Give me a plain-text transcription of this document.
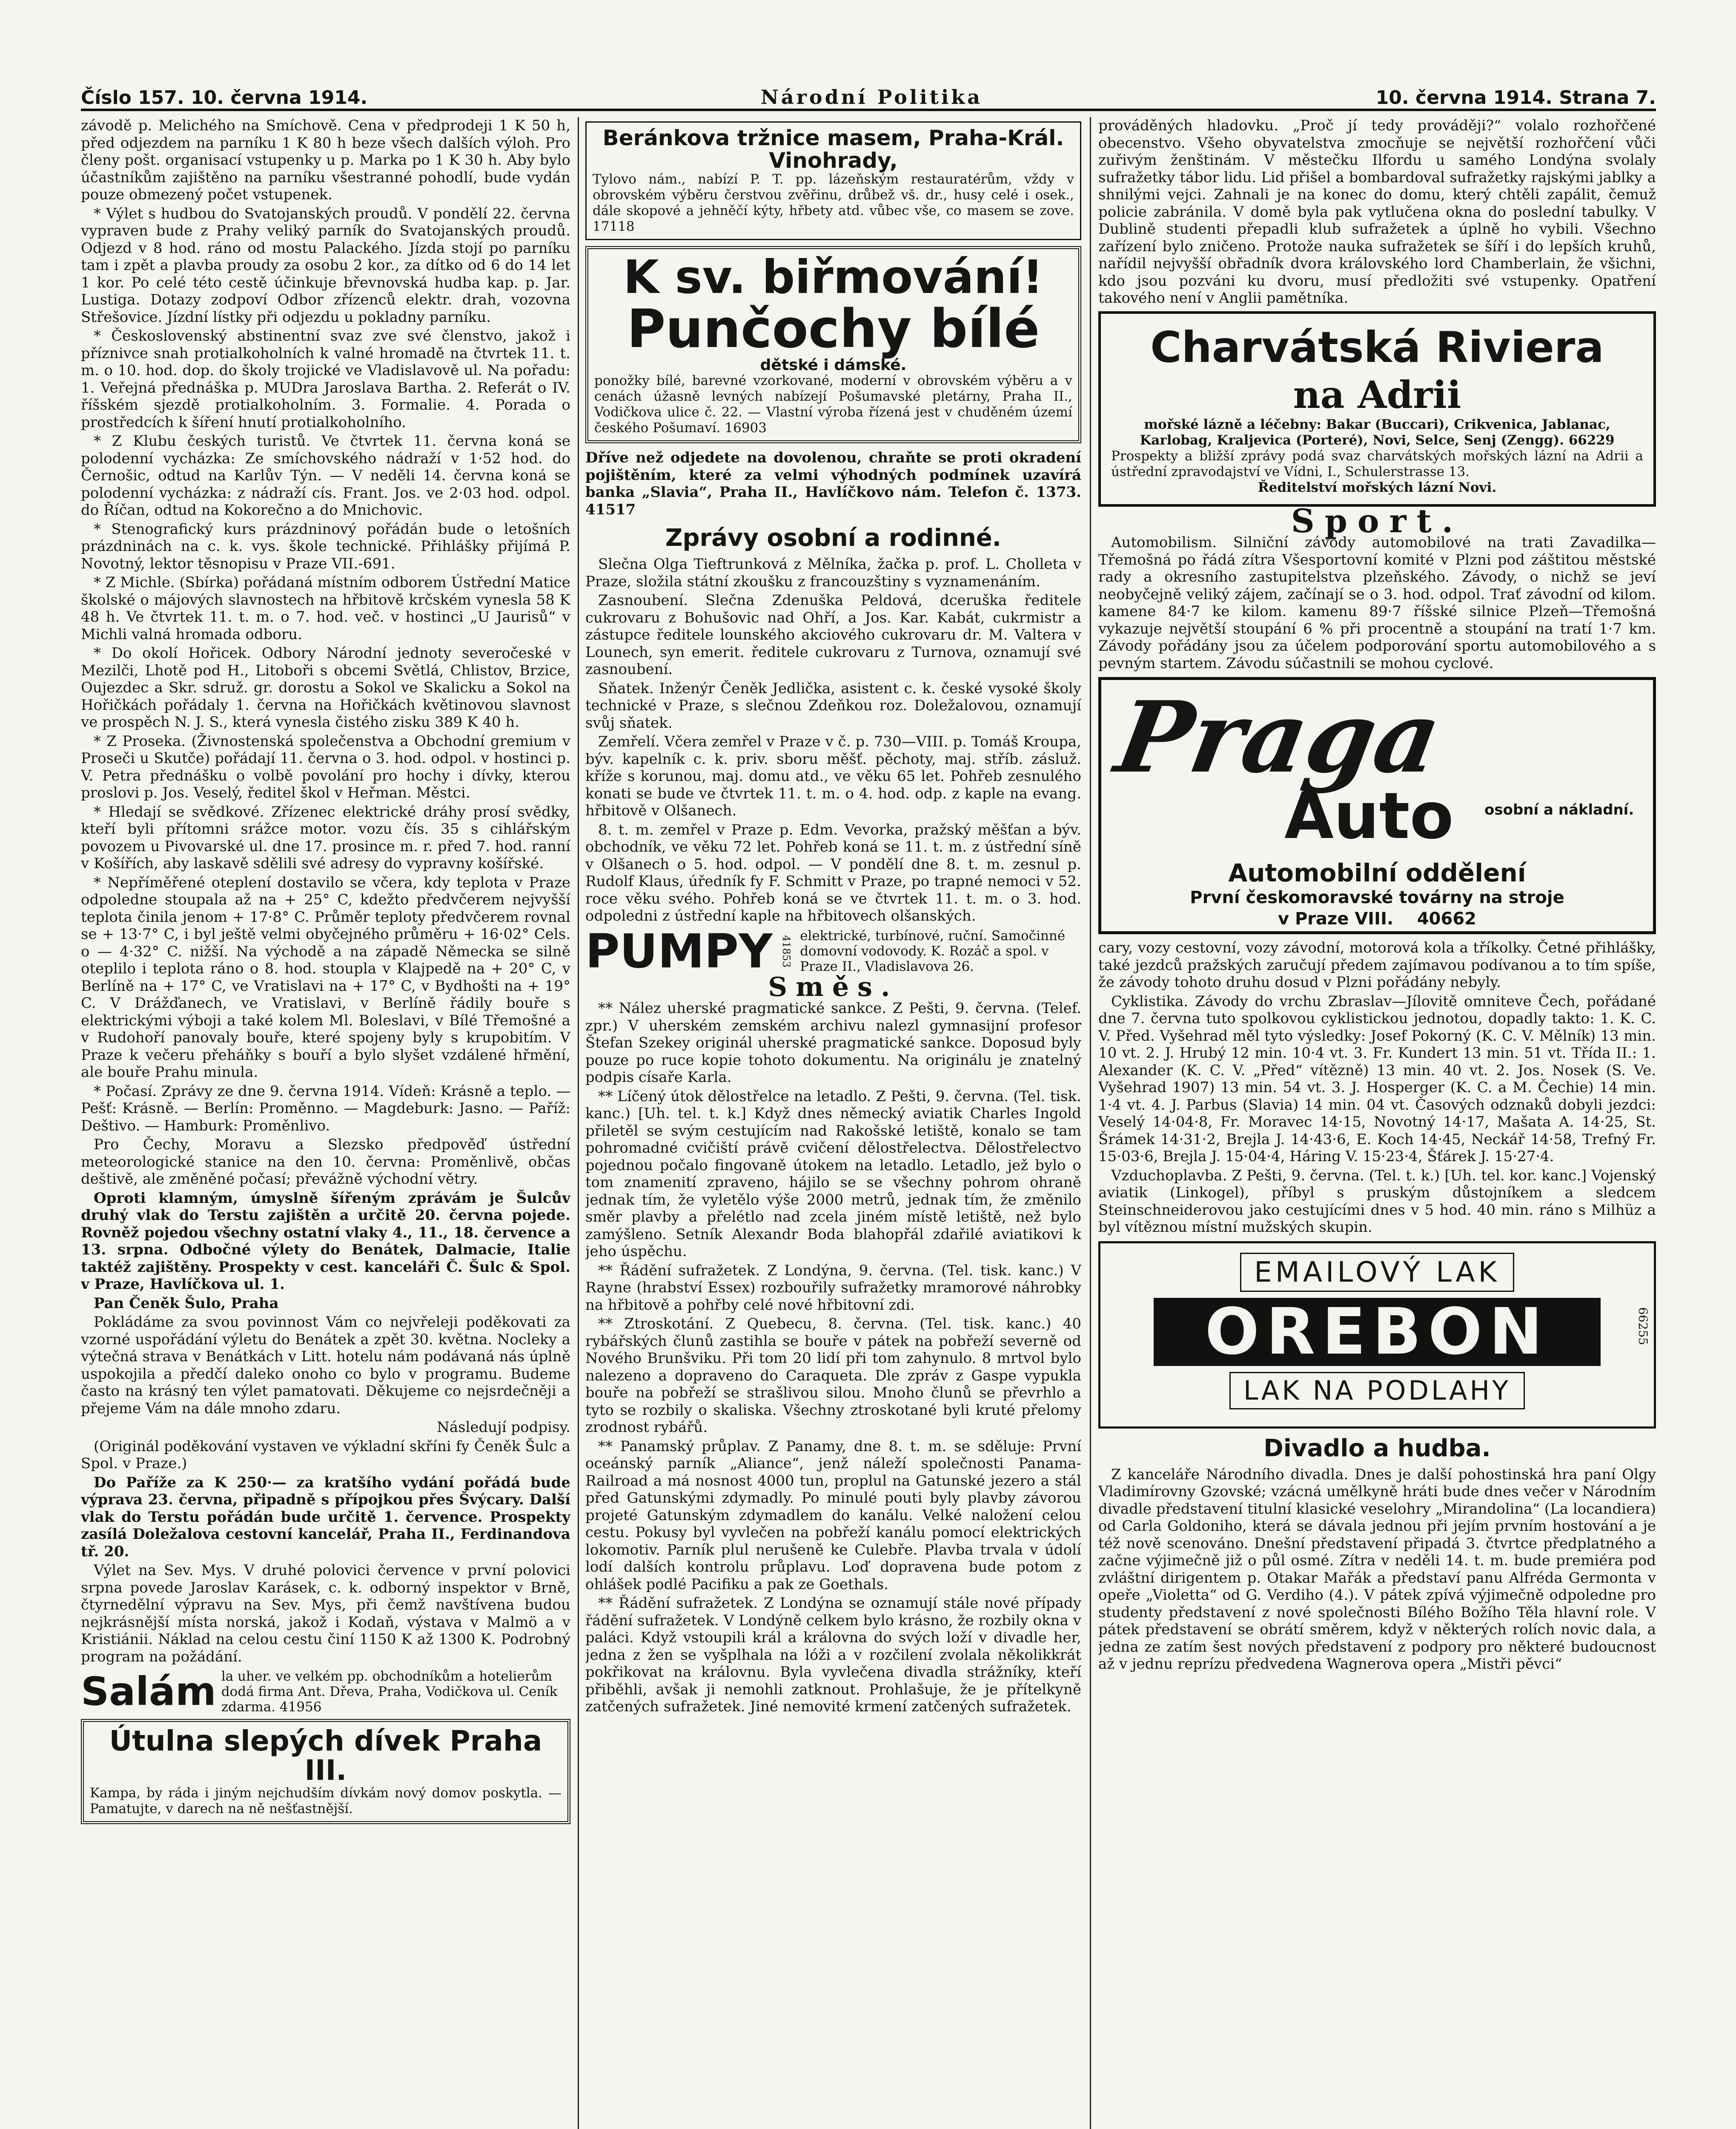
Číslo 157. 10. června 1914.	Národní Politika	10. června 1914. Strana 7.

závodě p. Melichého na Smíchově. Cena v předprodeji 1 K 50 h, před odjezdem na parníku 1 K 80 h beze všech dalších výloh. Pro členy pošt. organisací vstupenky u p. Marka po 1 K 30 h. Aby bylo účastníkům zajištěno na parníku všestranné pohodlí, bude vydán pouze obmezený počet vstupenek.

* Výlet s hudbou do Svatojanských proudů. V pondělí 22. června vypraven bude z Prahy veliký parník do Svatojanských proudů. Odjezd v 8 hod. ráno od mostu Palackého. Jízda stojí po parníku tam i zpět a plavba proudy za osobu 2 kor., za dítko od 6 do 14 let 1 kor. Po celé této cestě účinkuje břevnovská hudba kap. p. Jar. Lustiga. Dotazy zodpoví Odbor zřízenců elektr. drah, vozovna Střešovice. Jízdní lístky při odjezdu u pokladny parníku.

* Československý abstinentní svaz zve své členstvo, jakož i příznivce snah protialkoholních k valné hromadě na čtvrtek 11. t. m. o 10. hod. dop. do školy trojické ve Vladislavově ul. Na pořadu: 1. Veřejná přednáška p. MUDra Jaroslava Bartha. 2. Referát o IV. říšském sjezdě protialkoholním. 3. Formalie. 4. Porada o prostředcích k šíření hnutí protialkoholního.

* Z Klubu českých turistů. Ve čtvrtek 11. června koná se polodenní vycházka: Ze smíchovského nádraží v 1·52 hod. do Černošic, odtud na Karlův Týn. — V neděli 14. června koná se polodenní vycházka: z nádraží cís. Frant. Jos. ve 2·03 hod. odpol. do Říčan, odtud na Kokorečno a do Mnichovic.

* Stenografický kurs prázdninový pořádán bude o letošních prázdninách na c. k. vys. škole technické. Přihlášky přijímá P. Novotný, lektor těsnopisu v Praze VII.-691.

* Z Michle. (Sbírka) pořádaná místním odborem Ústřední Matice školské o májových slavnostech na hřbitově krčském vynesla 58 K 48 h. Ve čtvrtek 11. t. m. o 7. hod. več. v hostinci „U Jaurisů“ v Michli valná hromada odboru.

* Do okolí Hořicek. Odbory Národní jednoty severočeské v Mezilči, Lhotě pod H., Litoboři s obcemi Světlá, Chlistov, Brzice, Oujezdec a Skr. sdruž. gr. dorostu a Sokol ve Skalicku a Sokol na Hořičkách pořádaly 1. června na Hořičkách květinovou slavnost ve prospěch N. J. S., která vynesla čistého zisku 389 K 40 h.

* Z Proseka. (Živnostenská společenstva a Obchodní gremium v Proseči u Skutče) pořádají 11. června o 3. hod. odpol. v hostinci p. V. Petra přednášku o volbě povolání pro hochy i dívky, kterou proslovi p. Jos. Veselý, ředitel škol v Heřman. Městci.

* Hledají se svědkové. Zřízenec elektrické dráhy prosí svědky, kteří byli přítomni srážce motor. vozu čís. 35 s cihlářským povozem u Pivovarské ul. dne 17. prosince m. r. před 7. hod. ranní v Košířích, aby laskavě sdělili své adresy do vypravny košířské.

* Nepříměřené oteplení dostavilo se včera, kdy teplota v Praze odpoledne stoupala až na + 25° C, kdežto předvčerem nejvyšší teplota činila jenom + 17·8° C. Průměr teploty předvčerem rovnal se + 13·7° C, i byl ještě velmi obyčejného průměru + 16·02° Cels. o — 4·32° C. nižší. Na východě a na západě Německa se silně oteplilo i teplota ráno o 8. hod. stoupla v Klajpedě na + 20° C, v Berlíně na + 17° C, ve Vratislavi na + 17° C, v Bydhošti na + 19° C. V Drážďanech, ve Vratislavi, v Berlíně řádily bouře s elektrickými výboji a také kolem Ml. Boleslavi, v Bílé Třemošné a v Rudohoří panovaly bouře, které spojeny byly s krupobitím. V Praze k večeru přeháňky s bouří a bylo slyšet vzdálené hřmění, ale bouře Prahu minula.

* Počasí. Zprávy ze dne 9. června 1914. Vídeň: Krásně a teplo. — Pešť: Krásně. — Berlín: Proměnno. — Magdeburk: Jasno. — Paříž: Deštivo. — Hamburk: Proměnlivo.

Pro Čechy, Moravu a Slezsko předpověď ústřední meteorologické stanice na den 10. června: Proměnlivě, občas deštivě, ale změněné počasí; převážně východní větry.

Oproti klamným, úmyslně šířeným zprávám je Šulcův druhý vlak do Terstu zajištěn a určitě 20. června pojede. Rovněž pojedou všechny ostatní vlaky 4., 11., 18. července a 13. srpna. Odbočné výlety do Benátek, Dalmacie, Italie taktéž zajištěny. Prospekty v cest. kanceláři Č. Šulc & Spol. v Praze, Havlíčkova ul. 1.

Pan Čeněk Šulo, Praha

Pokládáme za svou povinnost Vám co nejvřeleji poděkovati za vzorné uspořádání výletu do Benátek a zpět 30. května. Nocleky a výtečná strava v Benátkách v Litt. hotelu nám podávaná nás úplně uspokojila a předčí daleko onoho co bylo v programu. Budeme často na krásný ten výlet pamatovati. Děkujeme co nejsrdečněji a přejeme Vám na dále mnoho zdaru.

Následují podpisy.

(Originál poděkování vystaven ve výkladní skříni fy Čeněk Šulc a Spol. v Praze.)

Do Paříže za K 250·— za kratšího vydání pořádá bude výprava 23. června, připadně s přípojkou přes Švýcary. Další vlak do Terstu pořádán bude určitě 1. července. Prospekty zasílá Doležalova cestovní kancelář, Praha II., Ferdinandova tř. 20.

Výlet na Sev. Mys. V druhé polovici července v první polovici srpna povede Jaroslav Karásek, c. k. odborný inspektor v Brně, čtyrnedělní výpravu na Sev. Mys, při čemž navštívena budou nejkrásnější místa norská, jakož i Kodaň, výstava v Malmö a v Kristiánii. Náklad na celou cestu činí 1150 K až 1300 K. Podrobný program na požádání.

Salám la uher. ve velkém pp. obchodníkům a hotelierům dodá firma Ant. Dřeva, Praha, Vodičkova ul. Ceník zdarma. 41956
Útulna slepých dívek Praha III.
Kampa, by ráda i jiným nejchudším dívkám nový domov poskytla. — Pamatujte, v darech na ně nešťastnější.
Beránkova tržnice masem, Praha-Král. Vinohrady,
Tylovo nám., nabízí P. T. pp. lázeňským restauratérům, vždy v obrovském výběru čerstvou zvěřinu, drůbež vš. dr., husy celé i osek., dále skopové a jehněčí kýty, hřbety atd. vůbec vše, co masem se zove. 17118
K sv. biřmování!
Punčochy bílé
dětské i dámské.
ponožky bílé, barevné vzorkované, moderní v obrovském výběru a v cenách úžasně levných nabízejí Pošumavské pletárny, Praha II., Vodičkova ulice č. 22. — Vlastní výroba řízená jest v chuděném území českého Pošumaví. 16903

Dříve než odjedete na dovolenou, chraňte se proti okradení pojištěním, které za velmi výhodných podmínek uzavírá banka „Slavia“, Praha II., Havlíčkovo nám. Telefon č. 1373. 41517

Zprávy osobní a rodinné.

Slečna Olga Tieftrunková z Mělníka, žačka p. prof. L. Cholleta v Praze, složila státní zkoušku z francouzštiny s vyznamenáním.

Zasnoubení. Slečna Zdenuška Peldová, dceruška ředitele cukrovaru z Bohušovic nad Ohří, a Jos. Kar. Kabát, cukrmistr a zástupce ředitele lounského akciového cukrovaru dr. M. Valtera v Lounech, syn emerit. ředitele cukrovaru z Turnova, oznamují své zasnoubení.

Sňatek. Inženýr Čeněk Jedlička, asistent c. k. české vysoké školy technické v Praze, s slečnou Zdeňkou roz. Doležalovou, oznamují svůj sňatek.

Zemřelí. Včera zemřel v Praze v č. p. 730—VIII. p. Tomáš Kroupa, býv. kapelník c. k. priv. sboru měšť. pěchoty, maj. stříb. zásluž. kříže s korunou, maj. domu atd., ve věku 65 let. Pohřeb zesnulého konati se bude ve čtvrtek 11. t. m. o 4. hod. odp. z kaple na evang. hřbitově v Olšanech.

8. t. m. zemřel v Praze p. Edm. Vevorka, pražský měšťan a býv. obchodník, ve věku 72 let. Pohřeb koná se 11. t. m. z ústřední síně v Olšanech o 5. hod. odpol. — V pondělí dne 8. t. m. zesnul p. Rudolf Klaus, úředník fy F. Schmitt v Praze, po trapné nemoci v 52. roce věku svého. Pohřeb koná se ve čtvrtek 11. t. m. o 3. hod. odpoledni z ústřední kaple na hřbitovech olšanských.

PUMPY 41853 elektrické, turbínové, ruční. Samočinné domovní vodovody. K. Rozáč a spol. v Praze II., Vladislavova 26.
Směs.

** Nález uherské pragmatické sankce. Z Pešti, 9. června. (Telef. zpr.) V uherském zemském archivu nalezl gymnasijní profesor Štefan Szekey originál uherské pragmatické sankce. Doposud byly pouze po ruce kopie tohoto dokumentu. Na originálu je znatelný podpis císaře Karla.

** Líčený útok dělostřelce na letadlo. Z Pešti, 9. června. (Tel. tisk. kanc.) [Uh. tel. t. k.] Když dnes německý aviatik Charles Ingold přiletěl se svým cestujícím nad Rakošské letiště, konalo se tam pohromadné cvičiští právě cvičení dělostřelectva. Dělostřelectvo pojednou počalo fingovaně útokem na letadlo. Letadlo, jež bylo o tom znamenití zpraveno, hájilo se se všechny pohrom ohraně jednak tím, že vyletělo výše 2000 metrů, jednak tím, že změnilo směr plavby a přelétlo nad zcela jiném místě letiště, než bylo zamýšleno. Setník Alexandr Boda blahopřál zdařilé aviatikovi k jeho úspěchu.

** Řádění sufražetek. Z Londýna, 9. června. (Tel. tisk. kanc.) V Rayne (hrabství Essex) rozbouřily sufražetky mramorové náhrobky na hřbitově a pohřby celé nové hřbitovní zdi.

** Ztroskotání. Z Quebecu, 8. června. (Tel. tisk. kanc.) 40 rybářských člunů zastihla se bouře v pátek na pobřeží severně od Nového Brunšviku. Při tom 20 lidí při tom zahynulo. 8 mrtvol bylo nalezeno a dopraveno do Caraqueta. Dle zpráv z Gaspe vypukla bouře na pobřeží se strašlivou silou. Mnoho člunů se převrhlo a tyto se rozbily o skaliska. Všechny ztroskotané byli kruté přelomy zrodnost rybářů.

** Panamský průplav. Z Panamy, dne 8. t. m. se sděluje: První oceánský parník „Aliance“, jenž náleží společnosti Panama-Railroad a má nosnost 4000 tun, proplul na Gatunské jezero a stál před Gatunskými zdymadly. Po minulé pouti byly plavby závorou projeté Gatunským zdymadlem do kanálu. Velké naložení celou cestu. Pokusy byl vyvlečen na pobřeží kanálu pomocí elektrických lokomotiv. Parník plul nerušeně ke Culebře. Plavba trvala v údolí lodí dalších kontrolu průplavu. Loď dopravena bude potom z ohlášek podlé Pacifiku a pak ze Goethals.

** Řádění sufražetek. Z Londýna se oznamují stále nové případy řádění sufražetek. V Londýně celkem bylo krásno, že rozbily okna v paláci. Když vstoupili král a královna do svých loží v divadle her, jedna z žen se vyšplhala na lóži a v rozčilení zvolala několikkrát pokřikovat na královnu. Byla vyvlečena divadla strážníky, kteří přiběhli, avšak ji nemohli zatknout. Prohlašuje, že je přítelkyně zatčených sufražetek. Jiné nemovité krmení zatčených sufražetek.

prováděných hladovku. „Proč jí tedy prováději?“ volalo rozhořčené obecenstvo. Všeho obyvatelstva zmocňuje se největší rozhořčení vůči zuřivým ženštinám. V městečku Ilfordu u samého Londýna svolaly sufražetky tábor lidu. Lid přišel a bombardoval sufražetky rajskými jablky a shnilými vejci. Zahnali je na konec do domu, který chtěli zapálit, čemuž policie zabránila. V domě byla pak vytlučena okna do poslední tabulky. V Dublině studenti přepadli klub sufražetek a úplně ho vybili. Všechno zařízení bylo zničeno. Protože nauka sufražetek se šíří i do lepších kruhů, nařídil nejvyšší obřadník dvora královského lord Chamberlain, že všichni, kdo jsou pozváni ku dvoru, musí předložiti své vstupenky. Opatření takového není v Anglii pamětníka.

Charvátská Riviera
na Adrii
mořské lázně a léčebny: Bakar (Buccari), Crikvenica, Jablanac, Karlobag, Kraljevica (Porteré), Novi, Selce, Senj (Zengg). 66229
Prospekty a bližší zprávy podá svaz charvátských mořských lázní na Adrii a ústřední zpravodajství ve Vídni, I., Schulerstrasse 13.
Ředitelství mořských lázní Novi.
Sport.

Automobilism. Silniční závody automobilové na trati Zavadilka—Třemošná po řádá zítra Všesportovní komité v Plzni pod záštitou městské rady a okresního zastupitelstva plzeňského. Závody, o nichž se jeví neobyčejně veliký zájem, začínají se o 3. hod. odpol. Trať závodní od kilom. kamene 84·7 ke kilom. kamenu 89·7 říšské silnice Plzeň—Třemošná vykazuje největší stoupání 6 % při procentně a stoupání na tratí 1·7 km. Závody pořádány jsou za účelem podporování sportu automobilového a s pevným startem. Závodu súčastnili se mohou cyclové.

Praga
Auto osobní a nákladní.
Automobilní oddělení
První českomoravské továrny na stroje
v Praze VIII. 40662

cary, vozy cestovní, vozy závodní, motorová kola a tříkolky. Četné přihlášky, také jezdců pražských zaručují předem zajímavou podívanou a to tím spíše, že závody tohoto druhu dosud v Plzni pořádány nebyly.

Cyklistika. Závody do vrchu Zbraslav—Jílovitě omniteve Čech, pořádané dne 7. června tuto spolkovou cyklistickou jednotou, dopadly takto: 1. K. C. V. Před. Vyšehrad měl tyto výsledky: Josef Pokorný (K. C. V. Mělník) 13 min. 10 vt. 2. J. Hrubý 12 min. 10·4 vt. 3. Fr. Kundert 13 min. 51 vt. Třída II.: 1. Alexander (K. C. V. „Před“ vítězně) 13 min. 40 vt. 2. Jos. Nosek (S. Ve. Vyšehrad 1907) 13 min. 54 vt. 3. J. Hosperger (K. C. a M. Čechie) 14 min. 1·4 vt. 4. J. Parbus (Slavia) 14 min. 04 vt. Časových odznaků dobyli jezdci: Veselý 14·04·8, Fr. Moravec 14·15, Novotný 14·17, Mašata A. 14·25, St. Šrámek 14·31·2, Brejla J. 14·43·6, E. Koch 14·45, Neckář 14·58, Trefný Fr. 15·03·6, Brejla J. 15·04·4, Háring V. 15·23·4, Šťárek J. 15·27·4.

Vzduchoplavba. Z Pešti, 9. června. (Tel. t. k.) [Uh. tel. kor. kanc.] Vojenský aviatik (Linkogel), příbyl s pruským důstojníkem a sledcem Steinschneiderovou jako cestujícími dnes v 5 hod. 40 min. ráno s Milhüz a byl vítěznou místní mužských skupin.

EMAILOVÝ LAK
OREBON
LAK NA PODLAHY
66255
Divadlo a hudba.

Z kanceláře Národního divadla. Dnes je další pohostinská hra paní Olgy Vladimírovny Gzovské; vzácná umělkyně hráti bude dnes večer v Národním divadle představení titulní klasické veselohry „Mirandolina“ (La locandiera) od Carla Goldoniho, která se dávala jednou při jejím prvním hostování a je též nově scenováno. Dnešní představení připadá 3. čtvrtce předplatného a začne výjimečně již o půl osmé. Zítra v neděli 14. t. m. bude premiéra pod zvláštní dirigentem p. Otakar Mařák a představí panu Alfréda Germonta v opeře „Violetta“ od G. Verdiho (4.). V pátek zpívá výjimečně odpoledne pro studenty představení z nové společnosti Bílého Božího Těla hlavní role. V pátek představení se obrátí směrem, když v některých rolích novic dala, a jedna ze zatím šest nových představení z podpory pro některé budoucnost až v jednu reprízu předvedena Wagnerova opera „Mistři pěvci“
